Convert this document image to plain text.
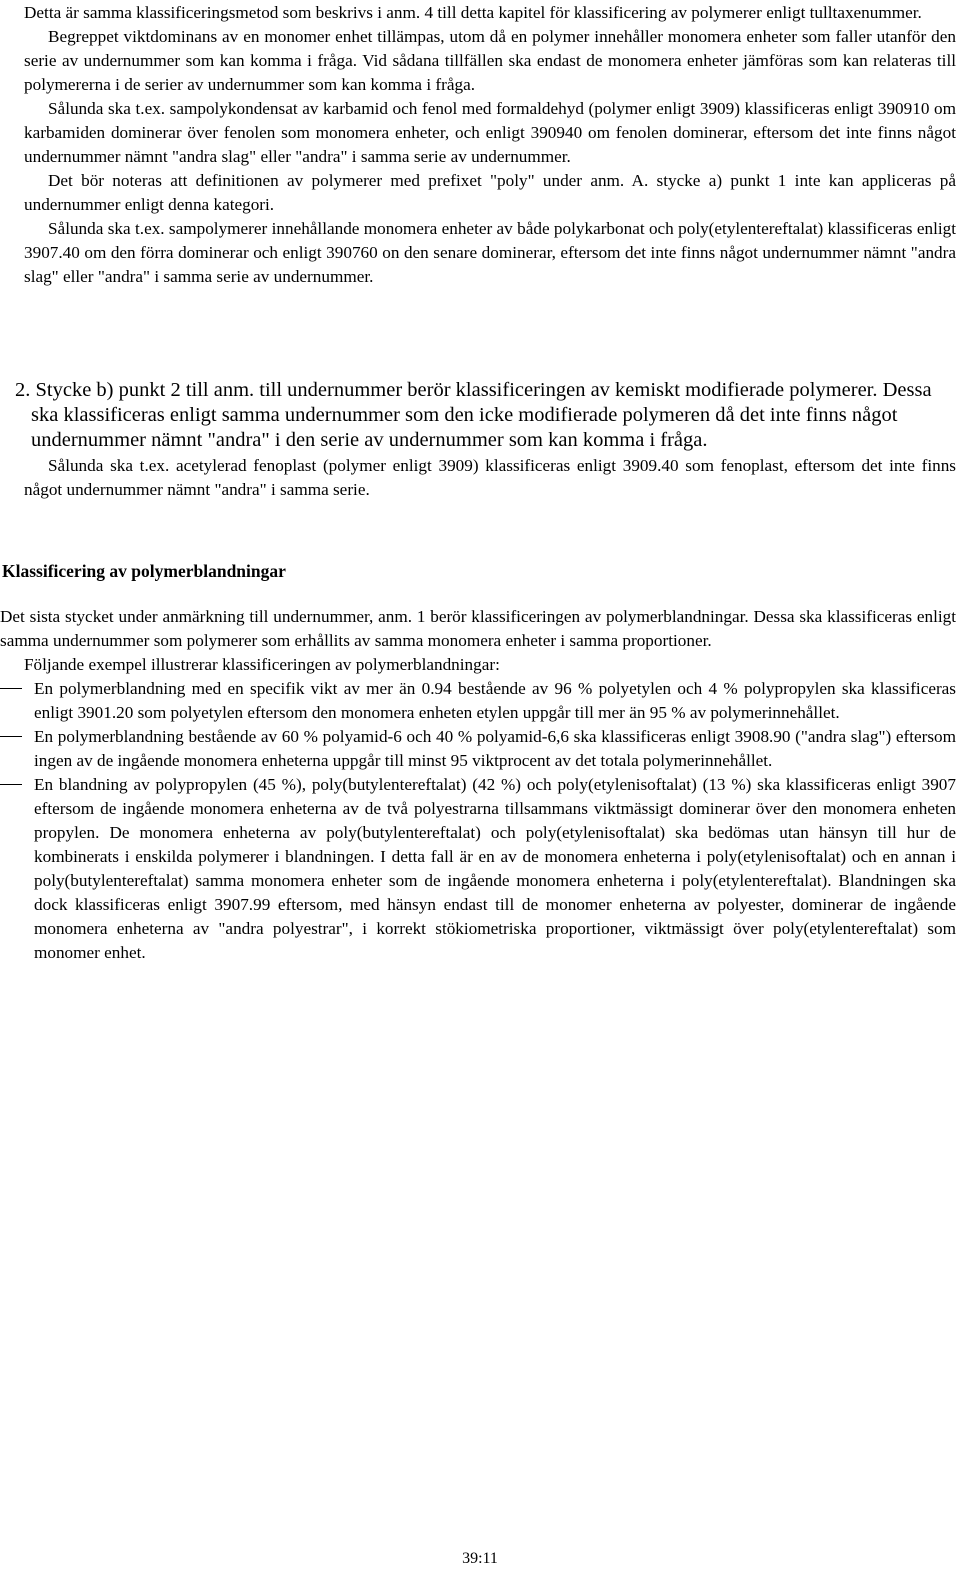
Detta är samma klassificeringsmetod som beskrivs i anm. 4 till detta kapitel för klassificering av polymerer enligt tulltaxenummer.

Begreppet viktdominans av en monomer enhet tillämpas, utom då en polymer innehåller monomera enheter som faller utanför den serie av undernummer som kan komma i fråga. Vid sådana tillfällen ska endast de monomera enheter jämföras som kan relateras till polymererna i de serier av undernummer som kan komma i fråga.

Sålunda ska t.ex. sampolykondensat av karbamid och fenol med formaldehyd (polymer enligt 3909) klassificeras enligt 390910 om karbamiden dominerar över fenolen som monomera enheter, och enligt 390940 om fenolen dominerar, eftersom det inte finns något undernummer nämnt "andra slag" eller "andra" i samma serie av undernummer.

Det bör noteras att definitionen av polymerer med prefixet "poly" under anm. A. stycke a) punkt 1 inte kan appliceras på undernummer enligt denna kategori.

Sålunda ska t.ex. sampolymerer innehållande monomera enheter av både polykarbonat och poly(etylentereftalat) klassificeras enligt 3907.40 om den förra dominerar och enligt 390760 on den senare dominerar, eftersom det inte finns något undernummer nämnt "andra slag" eller "andra" i samma serie av undernummer.

2. Stycke b) punkt 2 till anm. till undernummer berör klassificeringen av kemiskt modifierade polymerer. Dessa ska klassificeras enligt samma undernummer som den icke modifierade polymeren då det inte finns något undernummer nämnt "andra" i den serie av undernummer som kan komma i fråga.

Sålunda ska t.ex. acetylerad fenoplast (polymer enligt 3909) klassificeras enligt 3909.40 som fenoplast, eftersom det inte finns något undernummer nämnt "andra" i samma serie.

Klassificering av polymerblandningar

Det sista stycket under anmärkning till undernummer, anm. 1 berör klassificeringen av polymerblandningar. Dessa ska klassificeras enligt samma undernummer som polymerer som erhållits av samma monomera enheter i samma proportioner.

Följande exempel illustrerar klassificeringen av polymerblandningar:

En polymerblandning med en specifik vikt av mer än 0.94 bestående av 96 % polyetylen och 4 % polypropylen ska klassificeras enligt 3901.20 som polyetylen eftersom den monomera enheten etylen uppgår till mer än 95 % av polymerinnehållet.
En polymerblandning bestående av 60 % polyamid-6 och 40 % polyamid-6,6 ska klassificeras enligt 3908.90 ("andra slag") eftersom ingen av de ingående monomera enheterna uppgår till minst 95 viktprocent av det totala polymerinnehållet.
En blandning av polypropylen (45 %), poly(butylentereftalat) (42 %) och poly(etylenisoftalat) (13 %) ska klassificeras enligt 3907 eftersom de ingående monomera enheterna av de två polyestrarna tillsammans viktmässigt dominerar över den monomera enheten propylen. De monomera enheterna av poly(butylentereftalat) och poly(etylenisoftalat) ska bedömas utan hänsyn till hur de kombinerats i enskilda polymerer i blandningen. I detta fall är en av de monomera enheterna i poly(etylenisoftalat) och en annan i poly(butylentereftalat) samma monomera enheter som de ingående monomera enheterna i poly(etylentereftalat). Blandningen ska dock klassificeras enligt 3907.99 eftersom, med hänsyn endast till de monomer enheterna av polyester, dominerar de ingående monomera enheterna av "andra polyestrar", i korrekt stökiometriska proportioner, viktmässigt över poly(etylentereftalat) som monomer enhet.
39:11
